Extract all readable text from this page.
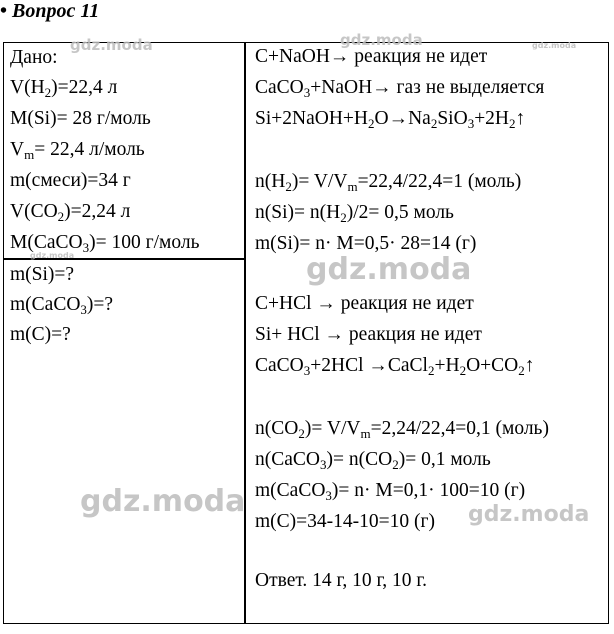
• Вопрос 11
Дано:
$V(H_2)=22,4$ л
M(Si)= 28 г/моль
$V_m= 22,4$ л/моль
m(смеси)=34 г
$V(CO_2)=2,24$ л
M(CaCO$_3$)= 100 г/моль
m(Si)=?
m(CaCO$_3$)=?
m(C)=?
C+NaOH→ реакция не идет
CaCO$_3$+NaOH→ газ не выделяется
$Si+2NaOH+H_2O\to Na_2SiO_3+2H_2↑$
$n(H_2)= V/V_m=22,4/22,4=1$ (моль)
$n(Si)= n(H_2)/2= 0,5$ моль
m(Si)= n· M=0,5· 28=14 (г)
C+HCl → реакция не идет
Si+ HCl → реакция не идет
CaCO$_3$+2HCl $\to CaCl_2+H_2O+CO_2↑$
$n(CO_2)= V/V_m=2,24/22,4=0,1$ (моль)
n(CaCO$_3$)= $n(CO_2)= 0,1$ моль
m(CaCO$_3$)= n· M=0,1· 100=10 (г)
m(C)=34-14-10=10 (г)
Ответ. 14 г, 10 г, 10 г.
gdz.moda	gdz.moda	gdz.moda
gdz.moda	gdz.moda
gdz.moda	gdz.moda
